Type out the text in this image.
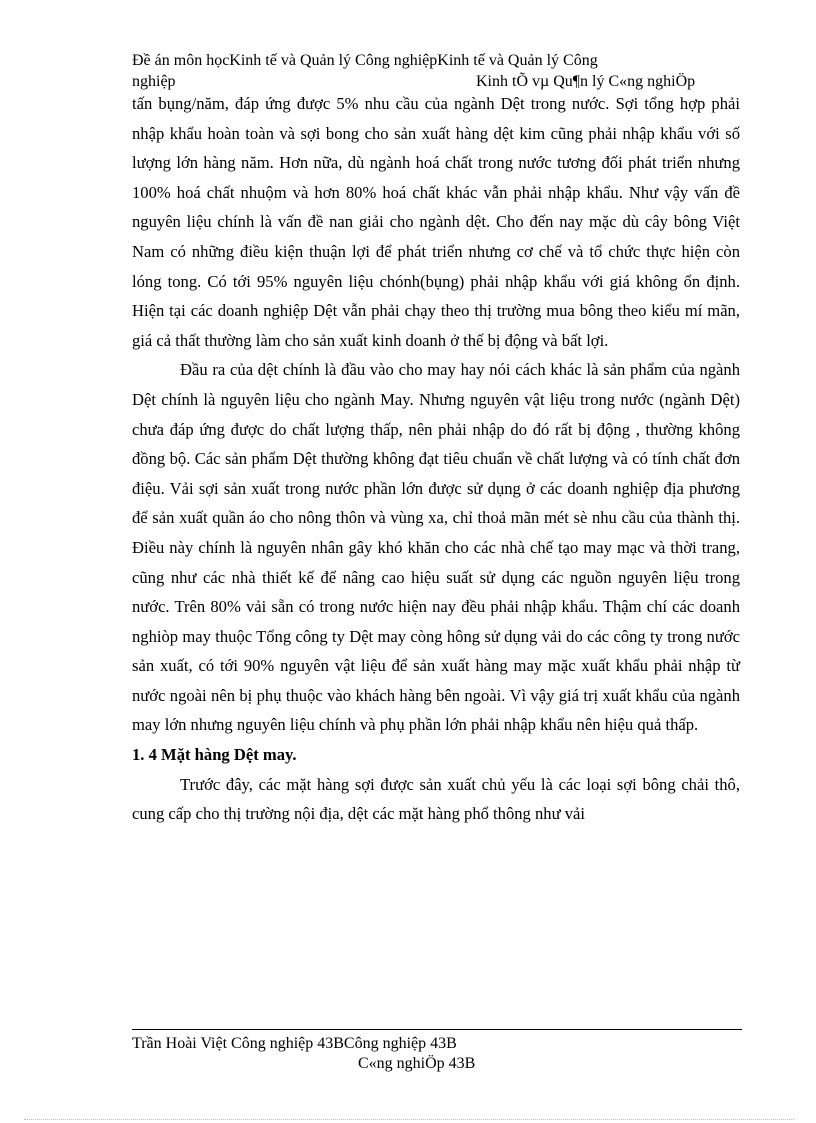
Đề án môn họcKinh tế và Quản lý Công nghiệpKinh tế và Quản lý Công
nghiệp	Kinh tÕ vµ Qu¶n lý C«ng nghiÖp

tấn bụng/năm, đáp ứng được 5% nhu cầu của ngành Dệt trong nước. Sợi tổng hợp phải nhập khẩu hoàn toàn và sợi bong cho sản xuất hàng dệt kim cũng phải nhập khẩu với số lượng lớn hàng năm. Hơn nữa, dù ngành hoá chất trong nước tương đối phát triển nhưng 100% hoá chất nhuộm và hơn 80% hoá chất khác vẫn phải nhập khẩu. Như vậy vấn đề nguyên liệu chính là vấn đề nan giải cho ngành dệt. Cho đến nay mặc dù cây bông Việt Nam có những điều kiện thuận lợi để phát triển nhưng cơ chế và tổ chức thực hiện còn lóng tong. Có tới 95% nguyên liệu chónh(bụng) phải nhập khẩu với giá không ổn định. Hiện tại các doanh nghiệp Dệt vẫn phải chạy theo thị trường mua bông theo kiểu mí mãn, giá cả thất thường làm cho sản xuất kinh doanh ở thế bị động và bất lợi.

Đầu ra của dệt chính là đầu vào cho may hay nói cách khác là sản phẩm của ngành Dệt chính là nguyên liệu cho ngành May. Nhưng nguyên vật liệu trong nước (ngành Dệt) chưa đáp ứng được do chất lượng thấp, nên phải nhập do đó rất bị động , thường không đồng bộ. Các sản phẩm Dệt thường không đạt tiêu chuẩn về chất lượng và có tính chất đơn điệu. Vải sợi sản xuất trong nước phần lớn được sử dụng ở các doanh nghiệp địa phương để sản xuất quần áo cho nông thôn và vùng xa, chỉ thoả mãn mét sè nhu cầu của thành thị. Điều này chính là nguyên nhân gây khó khăn cho các nhà chế tạo may mạc và thời trang, cũng như các nhà thiết kế để nâng cao hiệu suất sử dụng các nguồn nguyên liệu trong nước. Trên 80% vải sẵn có trong nước hiện nay đều phải nhập khẩu. Thậm chí các doanh nghiòp may thuộc Tổng công ty Dệt may còng hông sử dụng vải do các công ty trong nước sản xuất, có tới 90% nguyên vật liệu để sản xuất hàng may mặc xuất khẩu phải nhập từ nước ngoài nên bị phụ thuộc vào khách hàng bên ngoài. Vì vậy giá trị xuất khẩu của ngành may lớn nhưng nguyên liệu chính và phụ phần lớn phải nhập khẩu nên hiệu quả thấp.

1. 4 Mặt hàng Dệt may.

Trước đây, các mặt hàng sợi được sản xuất chủ yếu là các loại sợi bông chải thô, cung cấp cho thị trường nội địa, dệt các mặt hàng phổ thông như vải

Trần Hoài Việt Công nghiệp 43BCông nghiệp 43B
C«ng nghiÖp 43B
